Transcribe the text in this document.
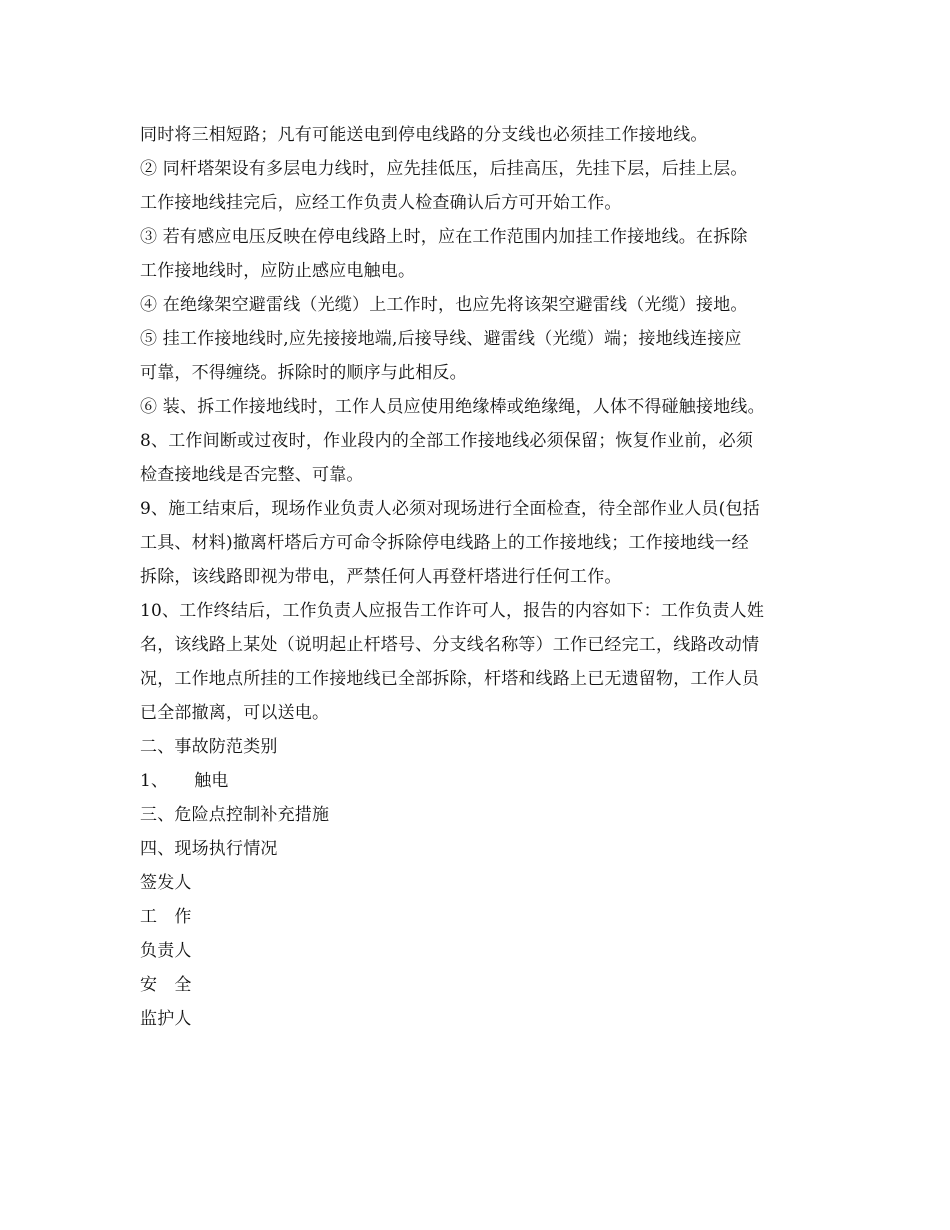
同时将三相短路；凡有可能送电到停电线路的分支线也必须挂工作接地线。
② 同杆塔架设有多层电力线时，应先挂低压，后挂高压，先挂下层，后挂上层。
工作接地线挂完后，应经工作负责人检查确认后方可开始工作。
③ 若有感应电压反映在停电线路上时，应在工作范围内加挂工作接地线。在拆除
工作接地线时，应防止感应电触电。
④ 在绝缘架空避雷线（光缆）上工作时，也应先将该架空避雷线（光缆）接地。
⑤ 挂工作接地线时,应先接接地端,后接导线、避雷线（光缆）端；接地线连接应
可靠，不得缠绕。拆除时的顺序与此相反。
⑥ 装、拆工作接地线时，工作人员应使用绝缘棒或绝缘绳，人体不得碰触接地线。
8、工作间断或过夜时，作业段内的全部工作接地线必须保留；恢复作业前，必须
检查接地线是否完整、可靠。
9、施工结束后，现场作业负责人必须对现场进行全面检查，待全部作业人员(包括
工具、材料)撤离杆塔后方可命令拆除停电线路上的工作接地线；工作接地线一经
拆除，该线路即视为带电，严禁任何人再登杆塔进行任何工作。
10、工作终结后，工作负责人应报告工作许可人，报告的内容如下：工作负责人姓
名，该线路上某处（说明起止杆塔号、分支线名称等）工作已经完工，线路改动情
况，工作地点所挂的工作接地线已全部拆除，杆塔和线路上已无遗留物，工作人员
已全部撤离，可以送电。
二、事故防范类别
1、 触电
三、危险点控制补充措施
四、现场执行情况
签发人
工　作
负责人
安　全
监护人
